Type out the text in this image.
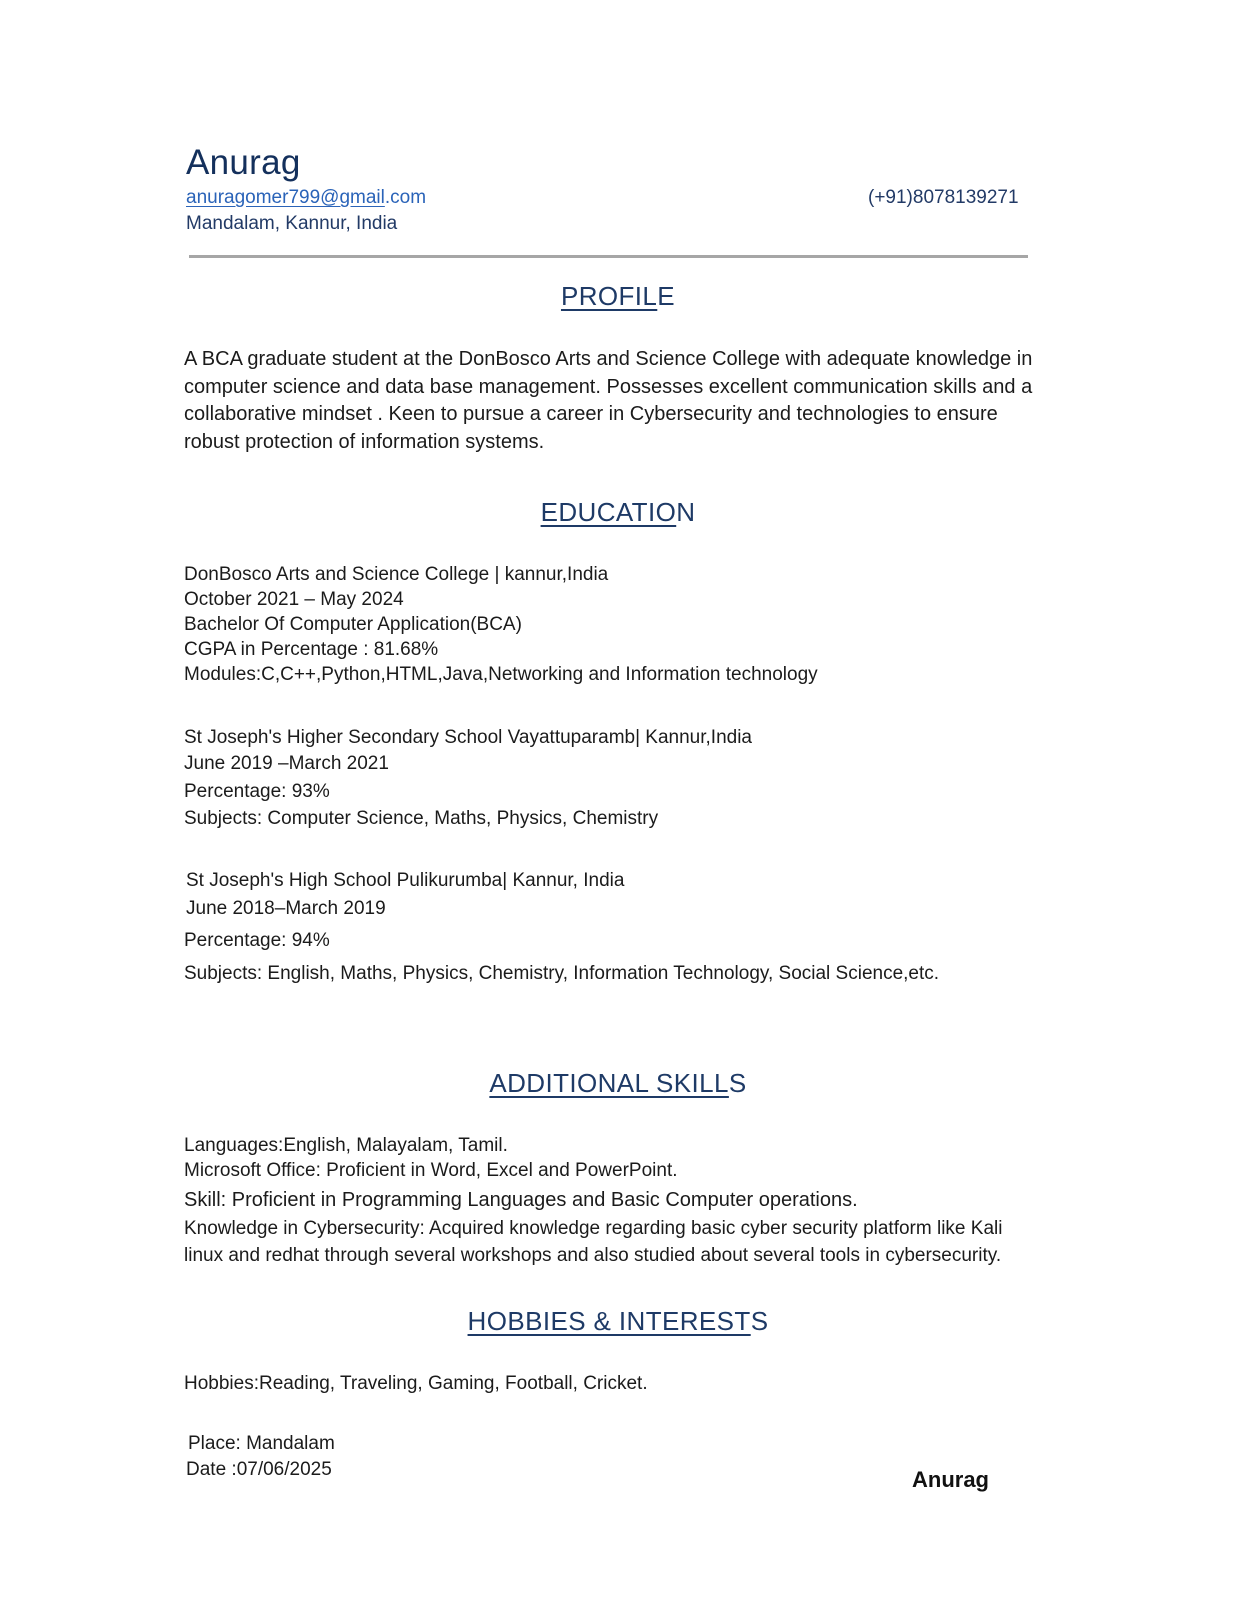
Anurag
anuragomer799@gmail.com	(+91)8078139271
Mandalam, Kannur, India
PROFILE
A BCA graduate student at the DonBosco Arts and Science College with adequate knowledge in computer science and data base management. Possesses excellent communication skills and a collaborative mindset . Keen to pursue a career in Cybersecurity and technologies to ensure robust protection of information systems.
EDUCATION
DonBosco Arts and Science College | kannur,India
October 2021 – May 2024
Bachelor Of Computer Application(BCA)
CGPA in Percentage : 81.68%
Modules:C,C++,Python,HTML,Java,Networking and Information technology
St Joseph's Higher Secondary School Vayattuparamb| Kannur,India
June 2019 –March 2021
Percentage: 93%
Subjects: Computer Science, Maths, Physics, Chemistry
St Joseph's High School Pulikurumba| Kannur, India
June 2018–March 2019
Percentage: 94%
Subjects: English, Maths, Physics, Chemistry, Information Technology, Social Science,etc.
ADDITIONAL SKILLS
Languages:English, Malayalam, Tamil.
Microsoft Office: Proficient in Word, Excel and PowerPoint.
Skill: Proficient in Programming Languages and Basic Computer operations.
Knowledge in Cybersecurity: Acquired knowledge regarding basic cyber security platform like Kali linux and redhat through several workshops and also studied about several tools in cybersecurity.
HOBBIES & INTERESTS
Hobbies:Reading, Traveling, Gaming, Football, Cricket.
Place: Mandalam
Date :07/06/2025	Anurag
